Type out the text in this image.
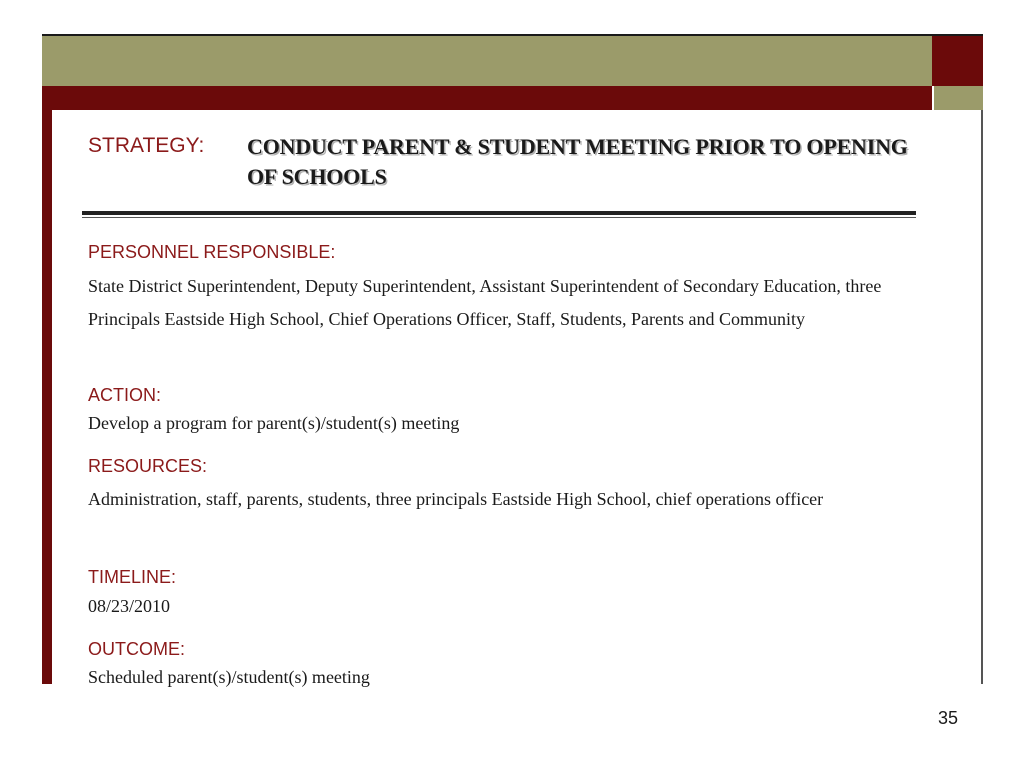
STRATEGY: CONDUCT PARENT & STUDENT MEETING PRIOR TO OPENING OF SCHOOLS
PERSONNEL RESPONSIBLE:
State District Superintendent, Deputy Superintendent, Assistant Superintendent of Secondary Education, three Principals Eastside High School, Chief Operations Officer, Staff, Students, Parents and Community
ACTION:
Develop a program for parent(s)/student(s) meeting
RESOURCES:
Administration, staff, parents, students, three principals Eastside High School, chief operations officer
TIMELINE:
08/23/2010
OUTCOME:
Scheduled parent(s)/student(s) meeting
35
